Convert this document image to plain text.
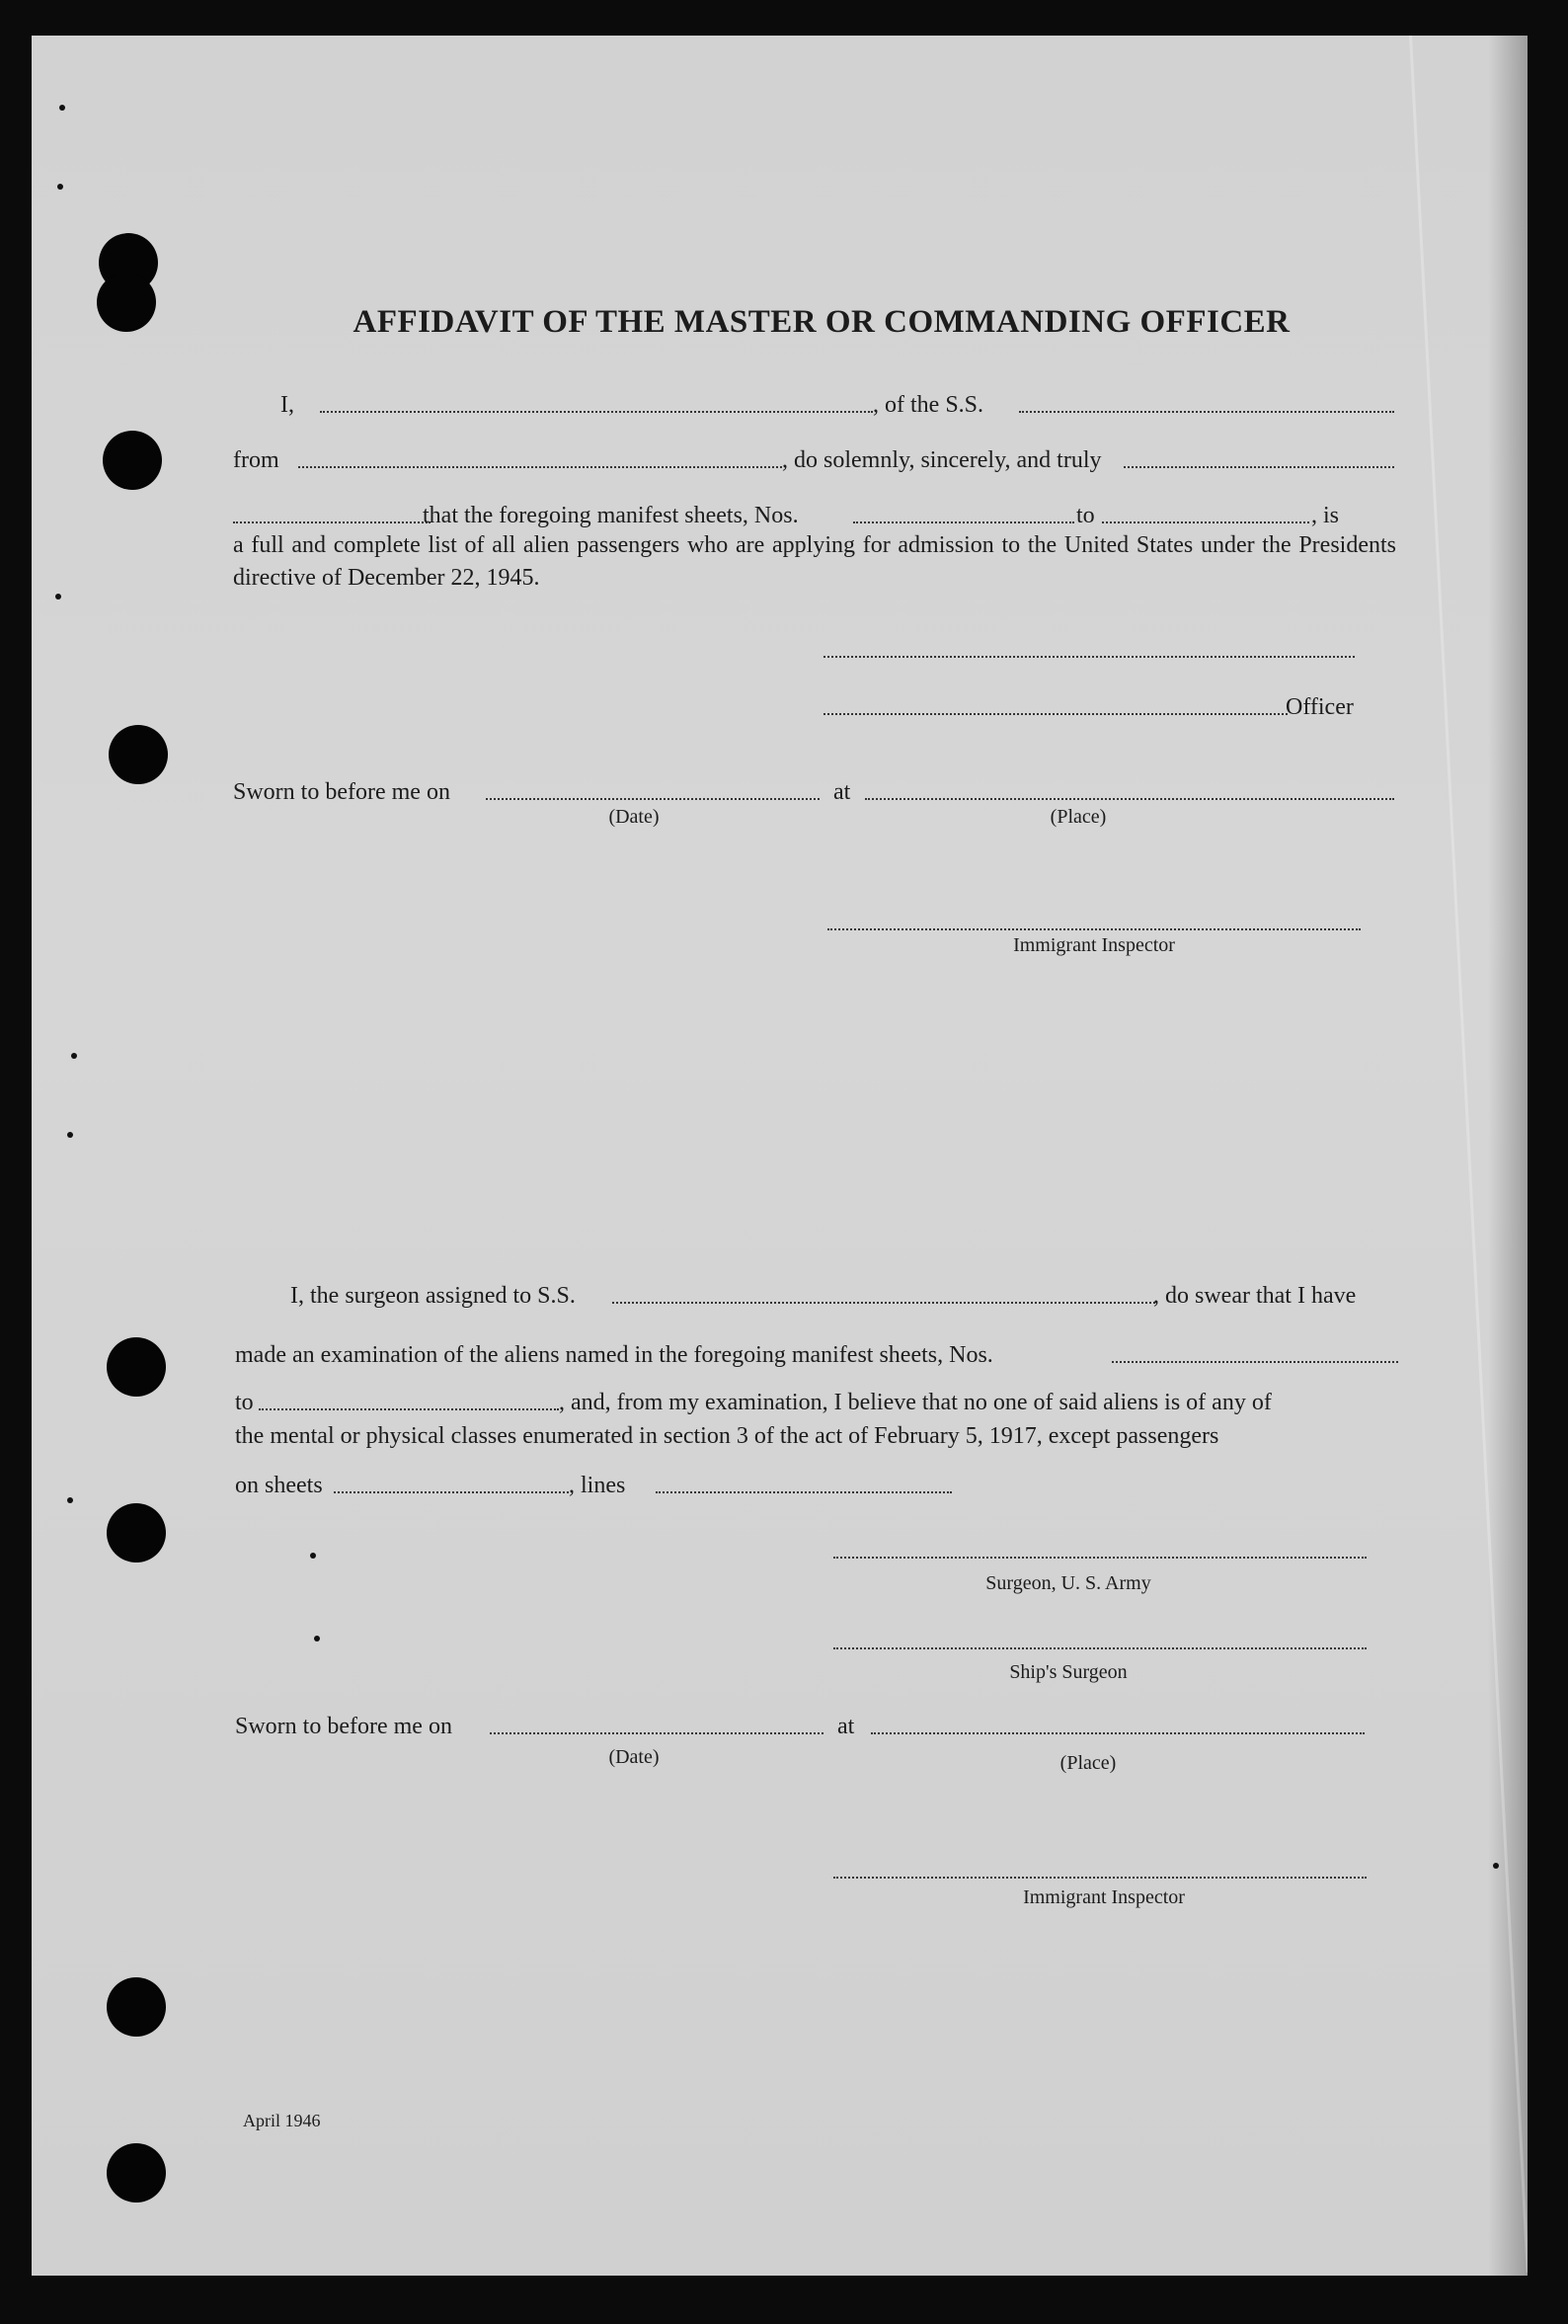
AFFIDAVIT OF THE MASTER OR COMMANDING OFFICER
I,	, of the S.S.
from	, do solemnly, sincerely, and truly
that the foregoing manifest sheets, Nos.	to	, is
a full and complete list of all alien passengers who are applying for admission to the United States under the Presidents directive of December 22, 1945.
Officer
Sworn to before me on	at
(Date)	(Place)
Immigrant Inspector
I, the surgeon assigned to S.S.	, do swear that I have
made an examination of the aliens named in the foregoing manifest sheets, Nos.
to	, and, from my examination, I believe that no one of said aliens is of any of
the mental or physical classes enumerated in section 3 of the act of February 5, 1917, except passengers
on sheets	, lines
Surgeon, U. S. Army
Ship's Surgeon
Sworn to before me on	at
(Date)	(Place)
Immigrant Inspector
April 1946
